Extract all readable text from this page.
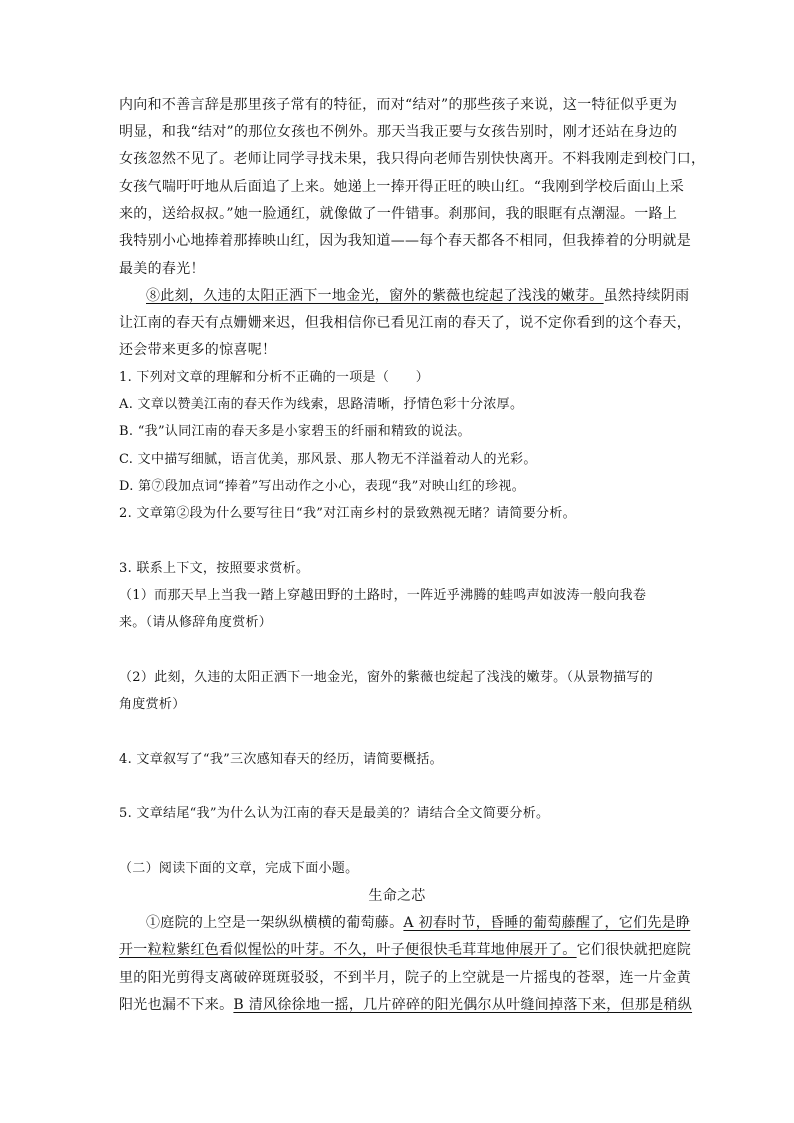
内向和不善言辞是那里孩子常有的特征，而对“结对”的那些孩子来说，这一特征似乎更为
明显，和我“结对”的那位女孩也不例外。那天当我正要与女孩告别时，刚才还站在身边的
女孩忽然不见了。老师让同学寻找未果，我只得向老师告别快快离开。不料我刚走到校门口，
女孩气喘吁吁地从后面追了上来。她递上一捧开得正旺的映山红。“我刚到学校后面山上采
来的，送给叔叔。”她一脸通红，就像做了一件错事。刹那间，我的眼眶有点潮湿。一路上
我特别小心地捧着那捧映山红，因为我知道——每个春天都各不相同，但我捧着的分明就是
最美的春光！
⑧此刻，久违的太阳正洒下一地金光，窗外的紫薇也绽起了浅浅的嫩芽。虽然持续阴雨
让江南的春天有点姗姗来迟，但我相信你已看见江南的春天了，说不定你看到的这个春天，
还会带来更多的惊喜呢！
1. 下列对文章的理解和分析不正确的一项是（　　）
A. 文章以赞美江南的春天作为线索，思路清晰，抒情色彩十分浓厚。
B. “我”认同江南的春天多是小家碧玉的纤丽和精致的说法。
C. 文中描写细腻，语言优美，那风景、那人物无不洋溢着动人的光彩。
D. 第⑦段加点词“捧着”写出动作之小心，表现“我”对映山红的珍视。
2. 文章第②段为什么要写往日“我”对江南乡村的景致熟视无睹？请简要分析。
3. 联系上下文，按照要求赏析。
（1）而那天早上当我一踏上穿越田野的土路时，一阵近乎沸腾的蛙鸣声如波涛一般向我卷
来。（请从修辞角度赏析）
（2）此刻，久违的太阳正洒下一地金光，窗外的紫薇也绽起了浅浅的嫩芽。（从景物描写的
角度赏析）
4. 文章叙写了“我”三次感知春天的经历，请简要概括。
5. 文章结尾“我”为什么认为江南的春天是最美的？请结合全文简要分析。
（二）阅读下面的文章，完成下面小题。
生命之芯
①庭院的上空是一架纵纵横横的葡萄藤。A 初春时节，昏睡的葡萄藤醒了，它们先是睁
开一粒粒紫红色看似惺忪的叶芽。不久，叶子便很快毛茸茸地伸展开了。它们很快就把庭院
里的阳光剪得支离破碎斑斑驳驳，不到半月，院子的上空就是一片摇曳的苍翠，连一片金黄
阳光也漏不下来。B 清风徐徐地一摇，几片碎碎的阳光偶尔从叶缝间掉落下来，但那是稍纵
